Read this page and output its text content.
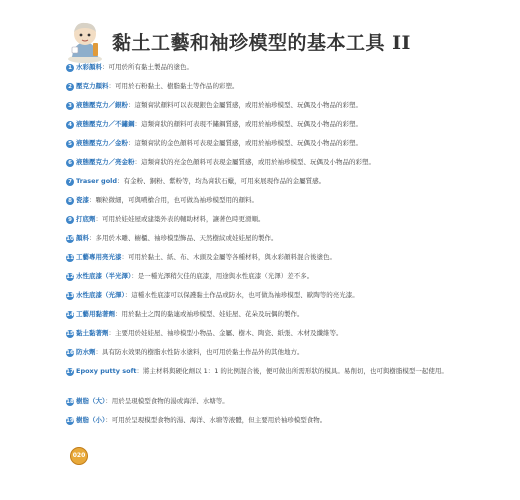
黏土工藝和袖珍模型的基本工具 II
1 水彩顏料：可用於所有黏土製品的塗色。
2 壓克力顏料：可用於石粉黏土、樹脂黏土等作品的彩塑。
3 液態壓克力／銀粉：這類膏狀顏料可以表現銀色金屬質感，或用於袖珍模型、玩偶及小物品的彩塑。
4 液態壓克力／不鏽鋼：這類膏狀的顏料可表現不鏽鋼質感，或用於袖珍模型、玩偶及小物品的彩塑。
5 液態壓克力／金粉：這類膏狀的金色顏料可表現金屬質感，或用於袖珍模型、玩偶及小物品的彩塑。
6 液態壓克力／亮金粉：這類膏狀的亮金色顏料可表現金屬質感，或用於袖珍模型、玩偶及小物品的彩塑。
7 Traser gold：有金粉、銅粉、紫粉等，均為膏狀石蠟，可用來展現作品的金屬質感。
8 瓷漆：顆粒微細，可與噴槍合用，也可做為袖珍模型用的顏料。
9 打底劑：可用於娃娃屋或建築外表的輔助材料，讓著色時更滑順。
10 顏料：多用於木雕、櫥櫃、袖珍模型飾品、天然樹紋或娃娃屋的製作。
11 工藝專用亮光漆：可用於黏土、紙、布、木頭及金屬等各種材料，與水彩顏料混合後塗色。
12 水性底漆（半光澤）：是一種光澤稍欠佳的底漆，用途與水性底漆（光澤）差不多。
13 水性底漆（光澤）：這種水性底漆可以保護黏土作品或防水，也可做為袖珍模型、歐陶等的亮光漆。
14 工藝用黏著劑：用於黏土之間的黏連或袖珍模型、娃娃屋、花朵及玩偶的製作。
15 黏土黏著劑：主要用於娃娃屋、袖珍模型小物品、金屬、樹木、陶瓷、紙張、木材及纖維等。
16 防水劑：具有防水效果的樹脂水性防水塗料，也可用於黏土作品外的其他地方。
17 Epoxy putty soft：將主材料與硬化劑以 1：1 的比例混合後，便可做出所需形狀的模具。易削切，也可與樹脂模型一起使用。
18 樹脂（大）：用於呈現模型食物的湯或海洋、水塘等。
19 樹脂（小）：可用於呈現模型食物的湯、海洋、水塘等液體，但主要用於袖珍模型食物。
020
